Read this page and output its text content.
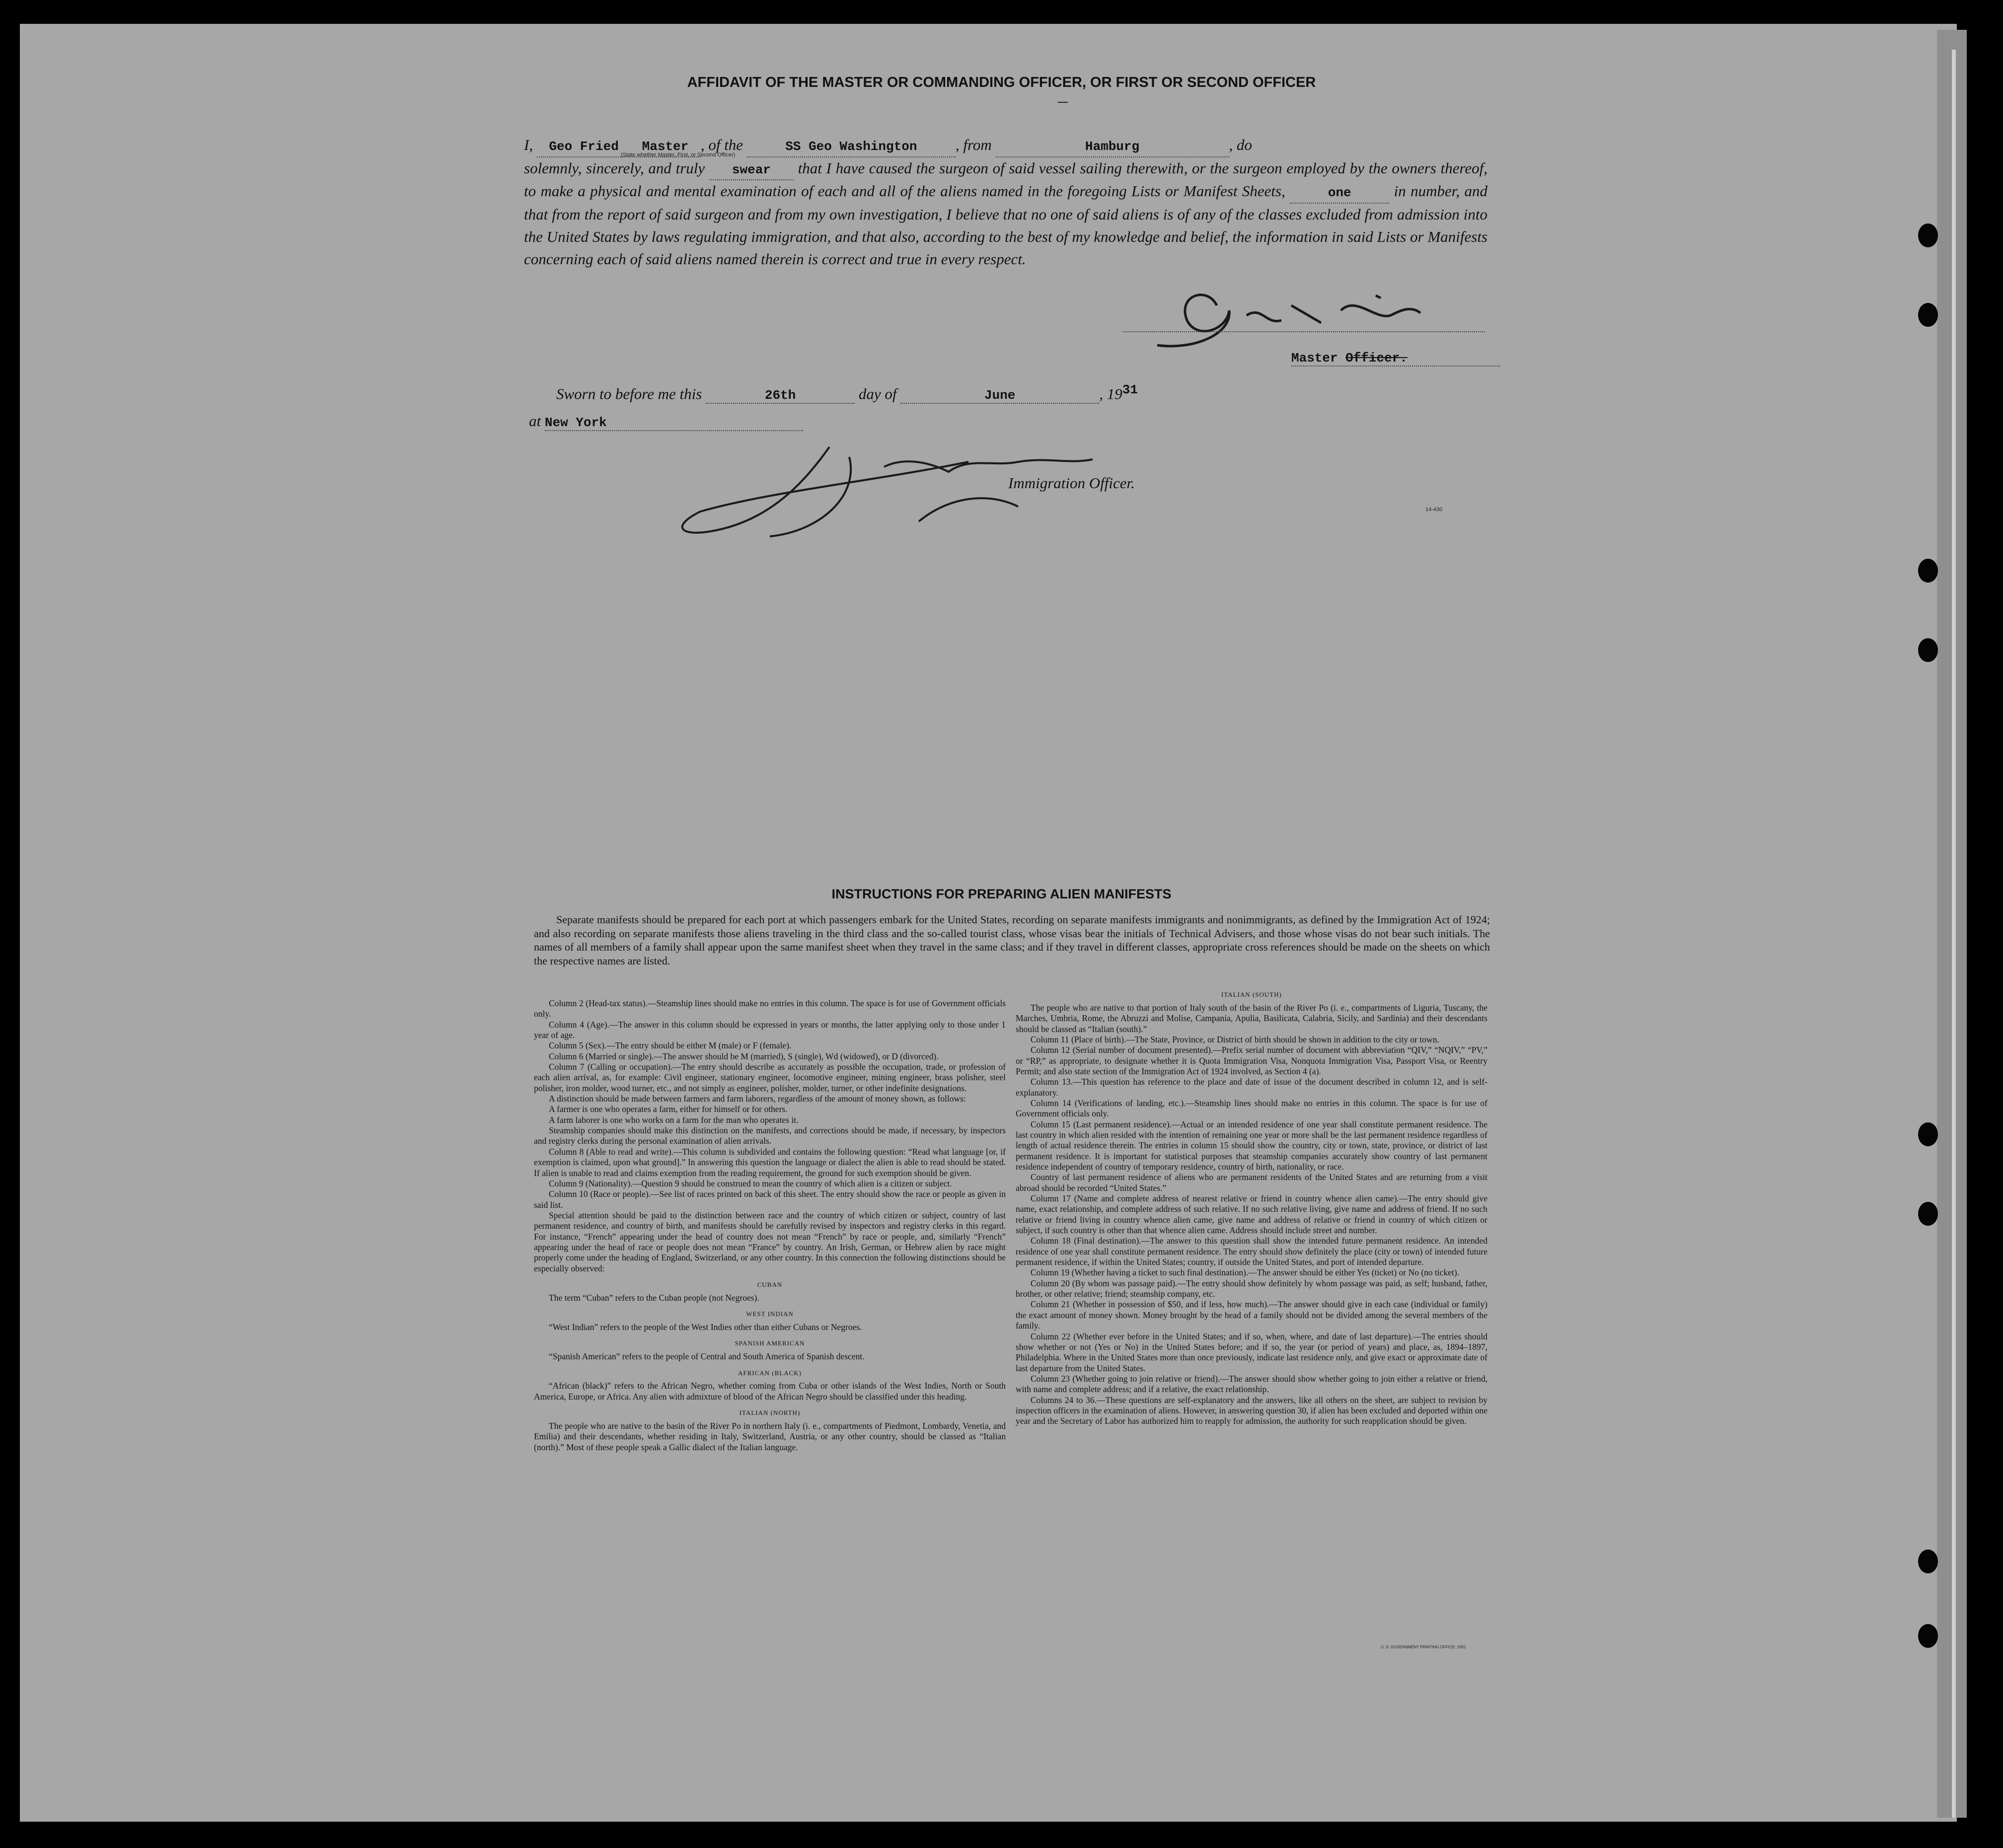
AFFIDAVIT OF THE MASTER OR COMMANDING OFFICER, OR FIRST OR SECOND OFFICER
I, Geo Fried Master , of the	SS Geo Washington , from	Hamburg	, do
solemnly, sincerely, and truly swear that I have caused the surgeon of said vessel sailing therewith, or the surgeon employed by the owners thereof, to make a physical and mental examination of each and all of the aliens named in the foregoing Lists or Manifest Sheets,	one	in number, and that from the report of said surgeon and from my own investigation, I believe that no one of said aliens is of any of the classes excluded from admission into the United States by laws regulating immigration, and that also, according to the best of my knowledge and belief, the information in said Lists or Manifests concerning each of said aliens named therein is correct and true in every respect.
(State whether Master, First, or Second Officer)
Master Officer.
Sworn to before me this	26th	day of	June	, $19^{31}$
at New York
Immigration Officer.
14-430
INSTRUCTIONS FOR PREPARING ALIEN MANIFESTS
Separate manifests should be prepared for each port at which passengers embark for the United States, recording on separate manifests immigrants and nonimmigrants, as defined by the Immigration Act of 1924; and also recording on separate manifests those aliens traveling in the third class and the so-called tourist class, whose visas bear the initials of Technical Advisers, and those whose visas do not bear such initials. The names of all members of a family shall appear upon the same manifest sheet when they travel in the same class; and if they travel in different classes, appropriate cross references should be made on the sheets on which the respective names are listed.

Column 2 (Head-tax status).—Steamship lines should make no entries in this column. The space is for use of Government officials only.

Column 4 (Age).—The answer in this column should be expressed in years or months, the latter applying only to those under 1 year of age.

Column 5 (Sex).—The entry should be either M (male) or F (female).

Column 6 (Married or single).—The answer should be M (married), S (single), Wd (widowed), or D (divorced).

Column 7 (Calling or occupation).—The entry should describe as accurately as possible the occupation, trade, or profession of each alien arrival, as, for example: Civil engineer, stationary engineer, locomotive engineer, mining engineer, brass polisher, steel polisher, iron molder, wood turner, etc., and not simply as engineer, polisher, molder, turner, or other indefinite designations.

A distinction should be made between farmers and farm laborers, regardless of the amount of money shown, as follows:

A farmer is one who operates a farm, either for himself or for others.

A farm laborer is one who works on a farm for the man who operates it.

Steamship companies should make this distinction on the manifests, and corrections should be made, if necessary, by inspectors and registry clerks during the personal examination of alien arrivals.

Column 8 (Able to read and write).—This column is subdivided and contains the following question: “Read what language [or, if exemption is claimed, upon what ground].” In answering this question the language or dialect the alien is able to read should be stated. If alien is unable to read and claims exemption from the reading requirement, the ground for such exemption should be given.

Column 9 (Nationality).—Question 9 should be construed to mean the country of which alien is a citizen or subject.

Column 10 (Race or people).—See list of races printed on back of this sheet. The entry should show the race or people as given in said list.

Special attention should be paid to the distinction between race and the country of which citizen or subject, country of last permanent residence, and country of birth, and manifests should be carefully revised by inspectors and registry clerks in this regard. For instance, “French” appearing under the head of country does not mean “French” by race or people, and, similarly “French” appearing under the head of race or people does not mean “France” by country. An Irish, German, or Hebrew alien by race might properly come under the heading of England, Switzerland, or any other country. In this connection the following distinctions should be especially observed:

CUBAN

The term “Cuban” refers to the Cuban people (not Negroes).

WEST INDIAN

“West Indian” refers to the people of the West Indies other than either Cubans or Negroes.

SPANISH AMERICAN

“Spanish American” refers to the people of Central and South America of Spanish descent.

AFRICAN (BLACK)

“African (black)” refers to the African Negro, whether coming from Cuba or other islands of the West Indies, North or South America, Europe, or Africa. Any alien with admixture of blood of the African Negro should be classified under this heading.

ITALIAN (NORTH)

The people who are native to the basin of the River Po in northern Italy (i. e., compartments of Piedmont, Lombardy, Venetia, and Emilia) and their descendants, whether residing in Italy, Switzerland, Austria, or any other country, should be classed as “Italian (north).” Most of these people speak a Gallic dialect of the Italian language.

ITALIAN (SOUTH)

The people who are native to that portion of Italy south of the basin of the River Po (i. e., compartments of Liguria, Tuscany, the Marches, Umbria, Rome, the Abruzzi and Molise, Campania, Apulia, Basilicata, Calabria, Sicily, and Sardinia) and their descendants should be classed as “Italian (south).”

Column 11 (Place of birth).—The State, Province, or District of birth should be shown in addition to the city or town.

Column 12 (Serial number of document presented).—Prefix serial number of document with abbreviation “QIV,” “NQIV,” “PV,” or “RP,” as appropriate, to designate whether it is Quota Immigration Visa, Nonquota Immigration Visa, Passport Visa, or Reentry Permit; and also state section of the Immigration Act of 1924 involved, as Section 4 (a).

Column 13.—This question has reference to the place and date of issue of the document described in column 12, and is self-explanatory.

Column 14 (Verifications of landing, etc.).—Steamship lines should make no entries in this column. The space is for use of Government officials only.

Column 15 (Last permanent residence).—Actual or an intended residence of one year shall constitute permanent residence. The last country in which alien resided with the intention of remaining one year or more shall be the last permanent residence regardless of length of actual residence therein. The entries in column 15 should show the country, city or town, state, province, or district of last permanent residence. It is important for statistical purposes that steamship companies accurately show country of last permanent residence independent of country of temporary residence, country of birth, nationality, or race.

Country of last permanent residence of aliens who are permanent residents of the United States and are returning from a visit abroad should be recorded “United States.”

Column 17 (Name and complete address of nearest relative or friend in country whence alien came).—The entry should give name, exact relationship, and complete address of such relative. If no such relative living, give name and address of friend. If no such relative or friend living in country whence alien came, give name and address of relative or friend in country of which citizen or subject, if such country is other than that whence alien came. Address should include street and number.

Column 18 (Final destination).—The answer to this question shall show the intended future permanent residence. An intended residence of one year shall constitute permanent residence. The entry should show definitely the place (city or town) of intended future permanent residence, if within the United States; country, if outside the United States, and port of intended departure.

Column 19 (Whether having a ticket to such final destination).—The answer should be either Yes (ticket) or No (no ticket).

Column 20 (By whom was passage paid).—The entry should show definitely by whom passage was paid, as self; husband, father, brother, or other relative; friend; steamship company, etc.

Column 21 (Whether in possession of $50, and if less, how much).—The answer should give in each case (individual or family) the exact amount of money shown. Money brought by the head of a family should not be divided among the several members of the family.

Column 22 (Whether ever before in the United States; and if so, when, where, and date of last departure).—The entries should show whether or not (Yes or No) in the United States before; and if so, the year (or period of years) and place, as, 1894–1897, Philadelphia. Where in the United States more than once previously, indicate last residence only, and give exact or approximate date of last departure from the United States.

Column 23 (Whether going to join relative or friend).—The answer should show whether going to join either a relative or friend, with name and complete address; and if a relative, the exact relationship.

Columns 24 to 36.—These questions are self-explanatory and the answers, like all others on the sheet, are subject to revision by inspection officers in the examination of aliens. However, in answering question 30, if alien has been excluded and deported within one year and the Secretary of Labor has authorized him to reapply for admission, the authority for such reapplication should be given.

U. S. GOVERNMENT PRINTING OFFICE: 1931
